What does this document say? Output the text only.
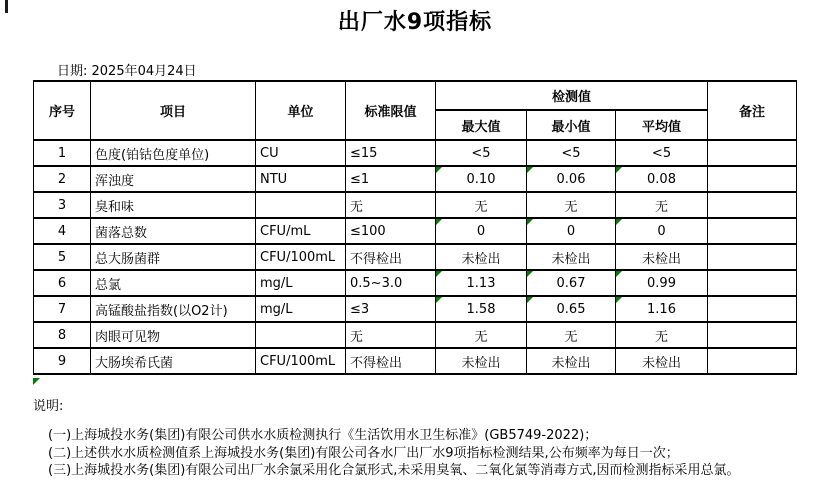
出厂水9项指标
日期: 2025年04月24日
序号	项目	单位	标准限值	检测值			备注
				最大值	最小值	平均值	
1	色度(铂钴色度单位)	CU	≤15	<5	<5	<5	
2	浑浊度	NTU	≤1	0.10	0.06	0.08	
3	臭和味		无	无	无	无	
4	菌落总数	CFU/mL	≤100	0	0	0	
5	总大肠菌群	CFU/100mL	不得检出	未检出	未检出	未检出	
6	总氯	mg/L	0.5~3.0	1.13	0.67	0.99	
7	高锰酸盐指数(以O2计)	mg/L	≤3	1.58	0.65	1.16	
8	肉眼可见物		无	无	无	无	
9	大肠埃希氏菌	CFU/100mL	不得检出	未检出	未检出	未检出	
说明:
(一)上海城投水务(集团)有限公司供水水质检测执行《生活饮用水卫生标准》(GB5749-2022)；
(二)上述供水水质检测值系上海城投水务(集团)有限公司各水厂出厂水9项指标检测结果,公布频率为每日一次；
(三)上海城投水务(集团)有限公司出厂水余氯采用化合氯形式,未采用臭氧、二氧化氯等消毒方式,因而检测指标采用总氯。
